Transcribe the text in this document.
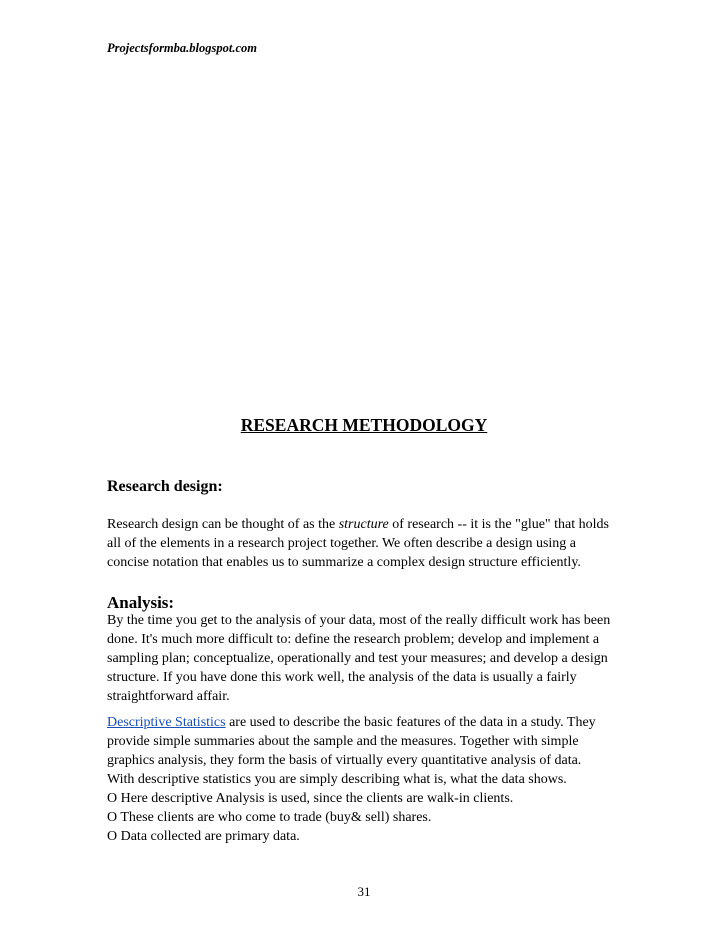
Projectsformba.blogspot.com
RESEARCH METHODOLOGY
Research design:

Research design can be thought of as the structure of research -- it is the "glue" that holds
all of the elements in a research project together. We often describe a design using a
concise notation that enables us to summarize a complex design structure efficiently.

Analysis:

By the time you get to the analysis of your data, most of the really difficult work has been
done. It's much more difficult to: define the research problem; develop and implement a
sampling plan; conceptualize, operationally and test your measures; and develop a design
structure. If you have done this work well, the analysis of the data is usually a fairly
straightforward affair.

Descriptive Statistics are used to describe the basic features of the data in a study. They
provide simple summaries about the sample and the measures. Together with simple
graphics analysis, they form the basis of virtually every quantitative analysis of data.
With descriptive statistics you are simply describing what is, what the data shows.
O Here descriptive Analysis is used, since the clients are walk-in clients.
O These clients are who come to trade (buy& sell) shares.
O Data collected are primary data.

31
